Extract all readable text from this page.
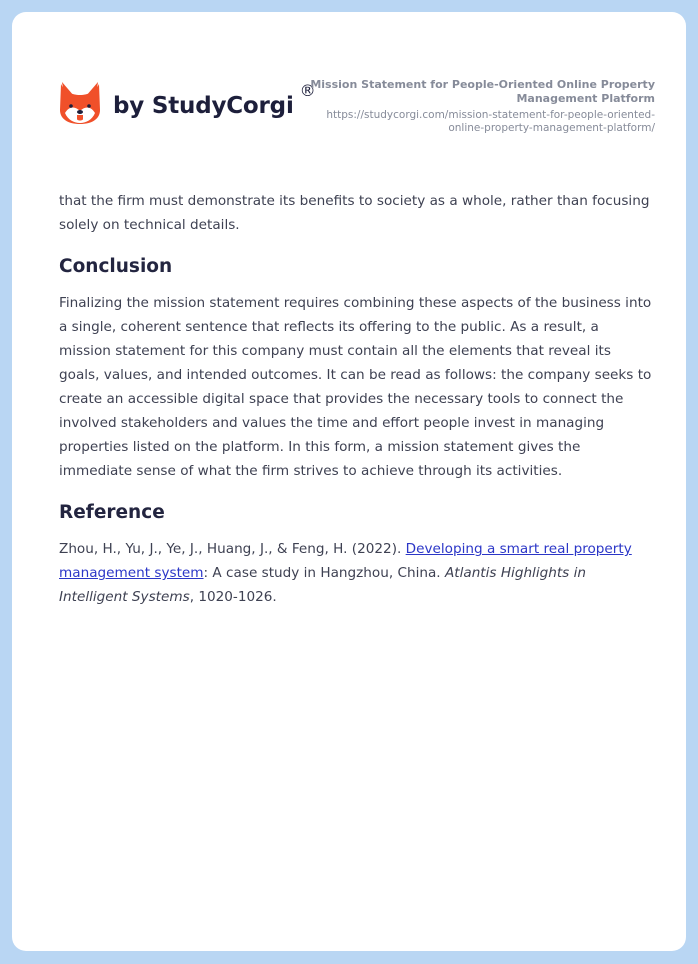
by StudyCorgi
®
Mission Statement for People-Oriented Online Property Management Platform
https://studycorgi.com/mission-statement-for-people-oriented-online-property-management-platform/

that the firm must demonstrate its benefits to society as a whole, rather than focusing solely on technical details.

Conclusion

Finalizing the mission statement requires combining these aspects of the business into a single, coherent sentence that reflects its offering to the public. As a result, a mission statement for this company must contain all the elements that reveal its goals, values, and intended outcomes. It can be read as follows: the company seeks to create an accessible digital space that provides the necessary tools to connect the involved stakeholders and values the time and effort people invest in managing properties listed on the platform. In this form, a mission statement gives the immediate sense of what the firm strives to achieve through its activities.

Reference

Zhou, H., Yu, J., Ye, J., Huang, J., & Feng, H. (2022). Developing a smart real property management system: A case study in Hangzhou, China. Atlantis Highlights in Intelligent Systems, 1020-1026.
